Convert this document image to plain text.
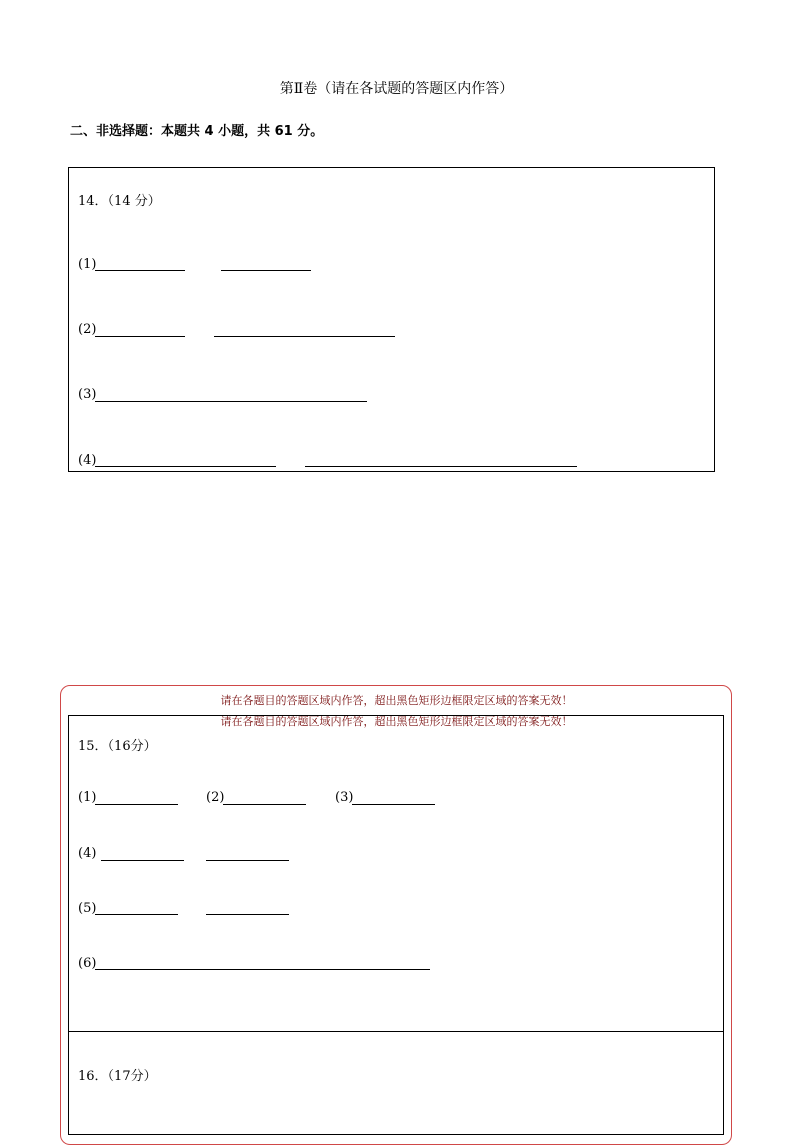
第Ⅱ卷（请在各试题的答题区内作答）
二、非选择题：本题共 4 小题，共 61 分。
14．（14 分）
(1)
(2)
(3)
(4)
请在各题目的答题区域内作答，超出黑色矩形边框限定区域的答案无效！
请在各题目的答题区域内作答，超出黑色矩形边框限定区域的答案无效！
15．（16分）
(1)	(2)	(3)
(4)
(5)
(6)
16．（17分）
